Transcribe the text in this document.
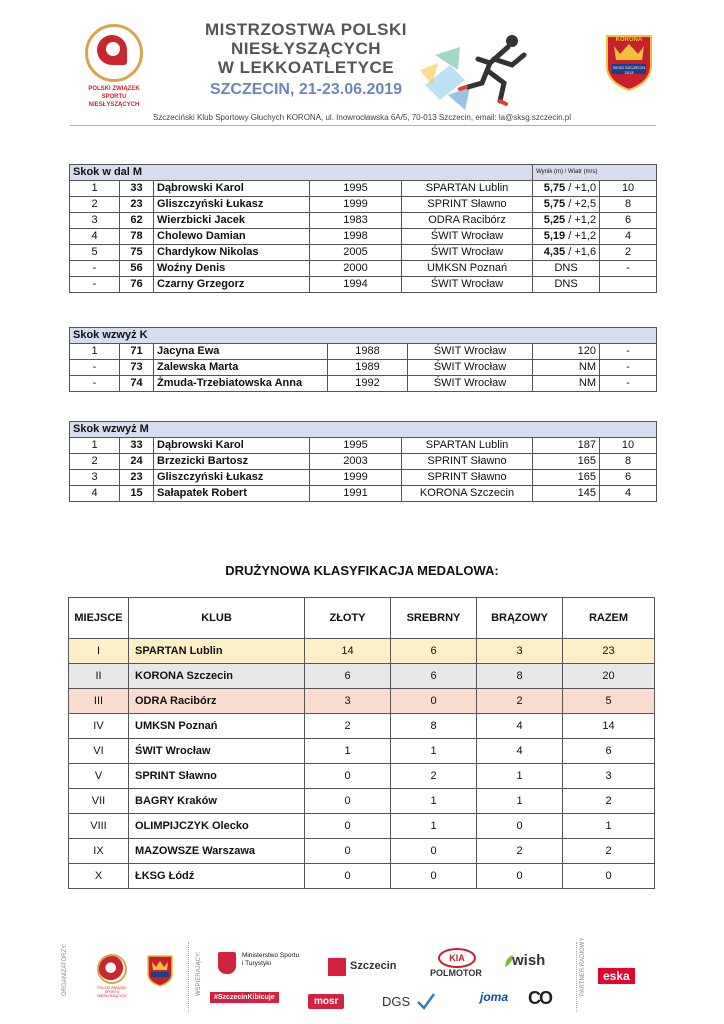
POLSKI ZWIĄZEK SPORTU NIESŁYSZĄCYCH
MISTRZOSTWA POLSKI
NIESŁYSZĄCYCH
W LEKKOATLETYCE
SZCZECIN, 21-23.06.2019
KORONA
SKSG SZCZECIN 2013
Szczeciński Klub Sportowy Głuchych KORONA, ul. Inowrocławska 6A/5, 70-013 Szczecin, email: la@sksg.szczecin.pl
Skok w dal M					Wynik (m) / Wiatr (m/s)	
1	33	Dąbrowski Karol	1995	SPARTAN Lublin	5,75 / +1,0	10
2	23	Gliszczyński Łukasz	1999	SPRINT Sławno	5,75 / +2,5	8
3	62	Wierzbicki Jacek	1983	ODRA Racibórz	5,25 / +1,2	6
4	78	Cholewo Damian	1998	ŚWIT Wrocław	5,19 / +1,2	4
5	75	Chardykow Nikolas	2005	ŚWIT Wrocław	4,35 / +1,6	2
-	56	Woźny Denis	2000	UMKSN Poznań	DNS	-
-	76	Czarny Grzegorz	1994	ŚWIT Wrocław	DNS	
Skok wzwyż K						
1	71	Jacyna Ewa	1988	ŚWIT Wrocław	120	-
-	73	Zalewska Marta	1989	ŚWIT Wrocław	NM	-
-	74	Żmuda-Trzebiatowska Anna	1992	ŚWIT Wrocław	NM	-
Skok wzwyż M						
1	33	Dąbrowski Karol	1995	SPARTAN Lublin	187	10
2	24	Brzezicki Bartosz	2003	SPRINT Sławno	165	8
3	23	Gliszczyński Łukasz	1999	SPRINT Sławno	165	6
4	15	Sałapatek Robert	1991	KORONA Szczecin	145	4
DRUŻYNOWA KLASYFIKACJA MEDALOWA:
MIEJSCE	KLUB	ZŁOTY	SREBRNY	BRĄZOWY	RAZEM
I	SPARTAN Lublin	14	6	3	23
II	KORONA Szczecin	6	6	8	20
III	ODRA Racibórz	3	0	2	5
IV	UMKSN Poznań	2	8	4	14
VI	ŚWIT Wrocław	1	1	4	6
V	SPRINT Sławno	0	2	1	3
VII	BAGRY Kraków	0	1	1	2
VIII	OLIMPIJCZYK Olecko	0	1	0	1
IX	MAZOWSZE Warszawa	0	0	2	2
X	ŁKSG Łódź	0	0	0	0
ORGANIZATORZY:	POLSKI ZWIĄZEK SPORTU NIESŁYSZĄCYCH	WSPIERAJĄCY:	Ministerstwo Sportu i Turystyki
#SzczecinKibicuje
Szczecin
mosr	DGS
KIA
POLMOTOR
joma
wish
CO
PARTNER RADIOWY	eska
